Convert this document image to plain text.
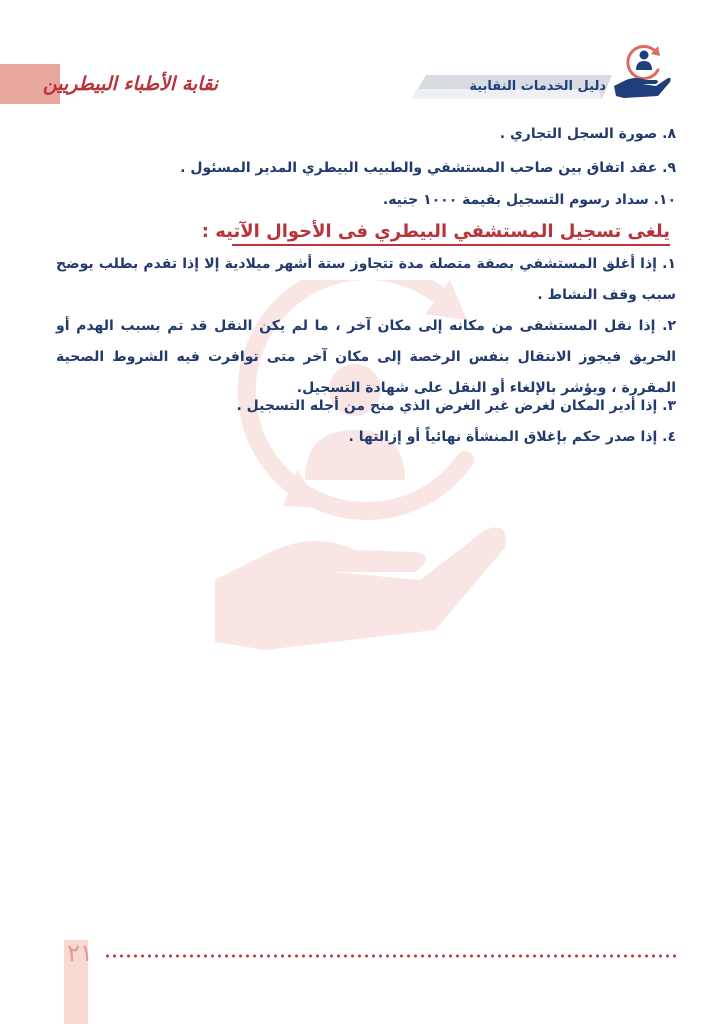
نقابة الأطباء البيطريين	دليل الخدمات النقابية
٨. صورة السجل التجاري .
٩. عقد اتفاق بين صاحب المستشفي والطبيب البيطري المدير المسئول .
١٠. سداد رسوم التسجيل بقيمة ١٠٠٠ جنيه.
يلغى تسجيل المستشفي البيطري فى الأحوال الآتيه :
١. إذا أغلق المستشفي بصفة متصلة مدة تتجاوز ستة أشهر ميلادية إلا إذا تقدم بطلب يوضح سبب وقف النشاط .
٢. إذا نقل المستشفى من مكانه إلى مكان آخر ، ما لم يكن النقل قد تم بسبب الهدم أو الحريق فيجوز الانتقال بنفس الرخصة إلى مكان آخر متى توافرت فيه الشروط الصحية المقررة ، ويؤشر بالإلغاء أو النقل على شهادة التسجيل.
٣. إذا أدير المكان لغرض غير الغرض الذي منح من أجله التسجيل .
٤. إذا صدر حكم بإغلاق المنشأة نهائياً أو إزالتها .
٢١
